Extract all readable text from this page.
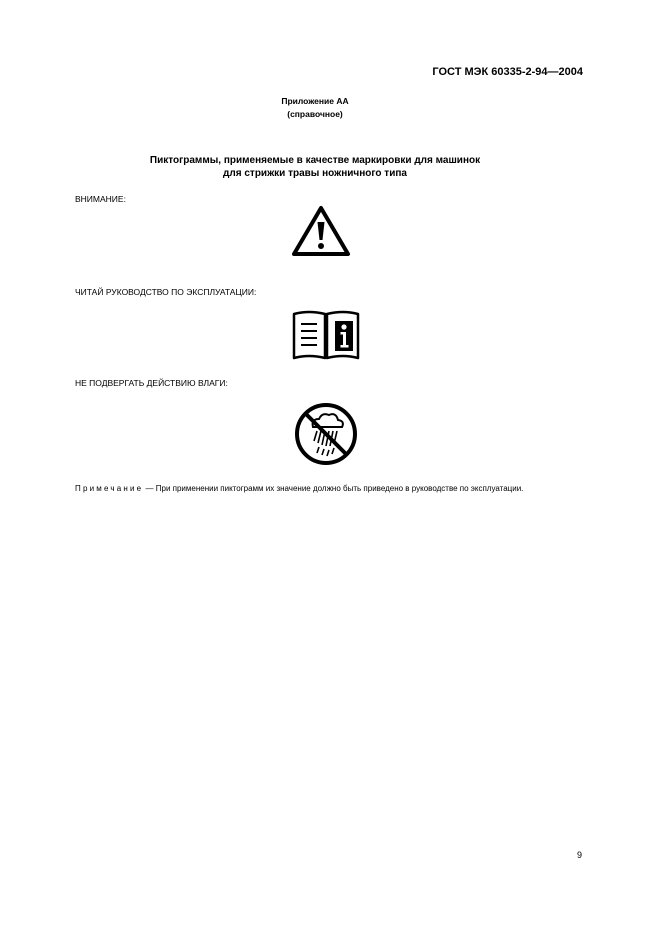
ГОСТ МЭК 60335-2-94—2004
Приложение АА
(справочное)
Пиктограммы, применяемые в качестве маркировки для машинок
для стрижки травы ножничного типа
ВНИМАНИЕ:
ЧИТАЙ РУКОВОДСТВО ПО ЭКСПЛУАТАЦИИ:
НЕ ПОДВЕРГАТЬ ДЕЙСТВИЮ ВЛАГИ:
Примечание — При применении пиктограмм их значение должно быть приведено в руководстве по эксплуатации.
9
